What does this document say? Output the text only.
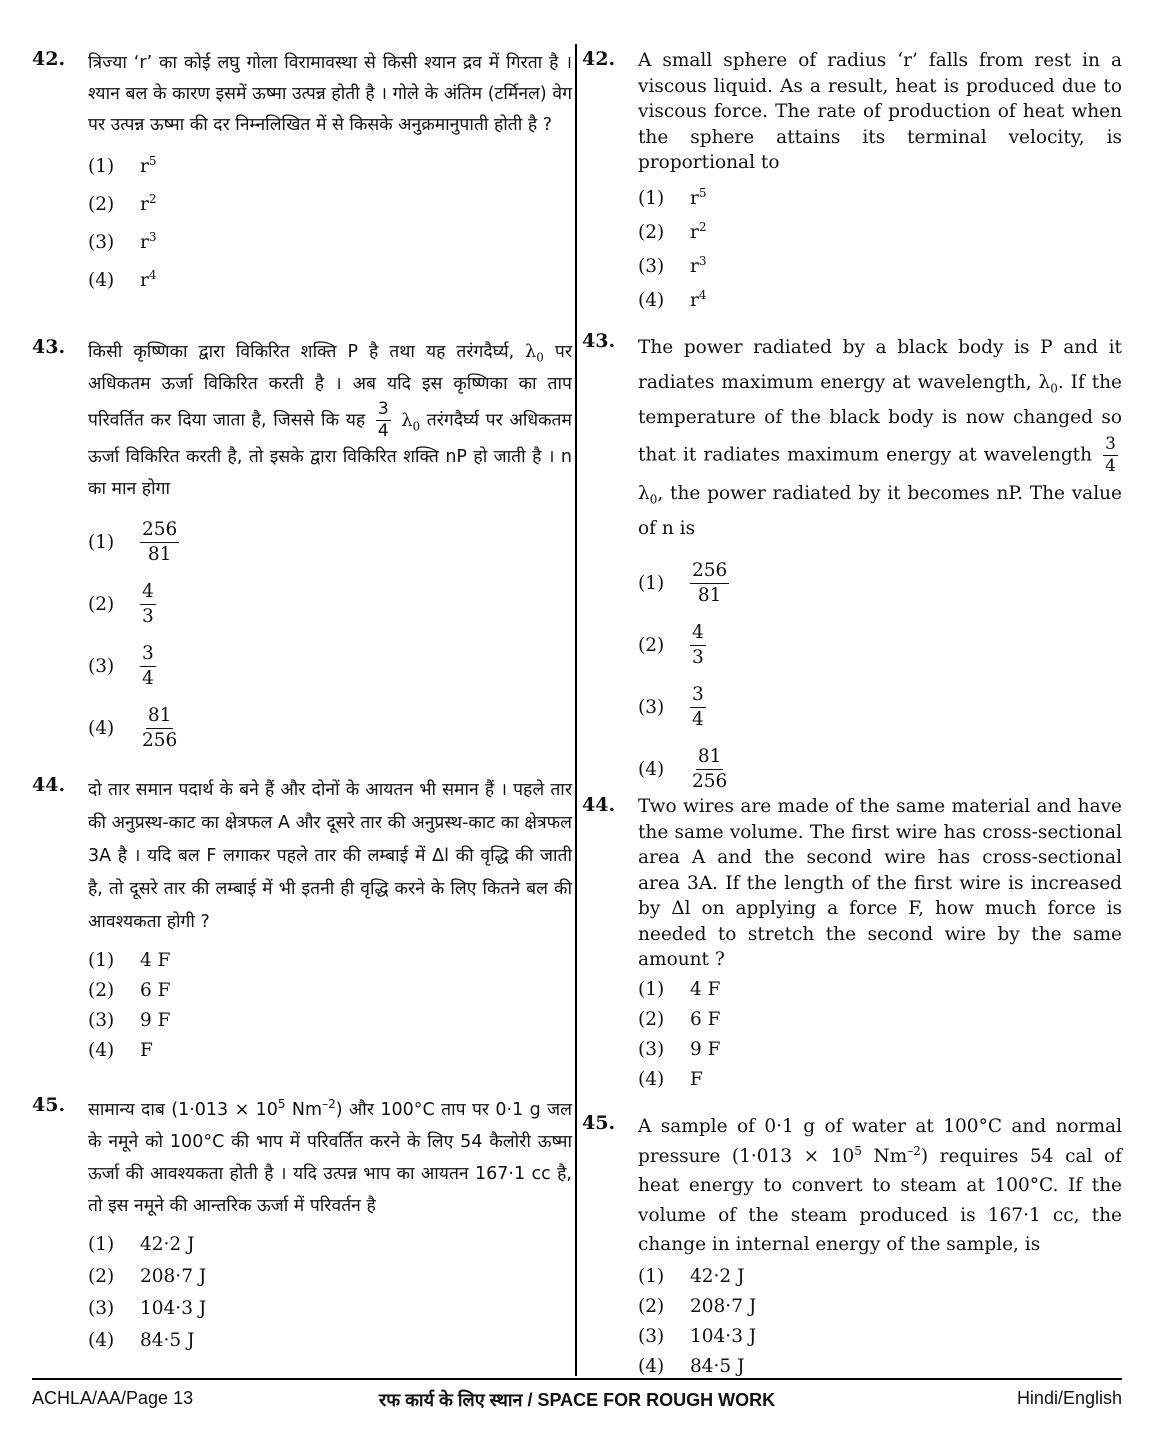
42. त्रिज्या ‘r’ का कोई लघु गोला विरामावस्था से किसी श्यान द्रव में गिरता है । श्यान बल के कारण इसमें ऊष्मा उत्पन्न होती है । गोले के अंतिम (टर्मिनल) वेग पर उत्पन्न ऊष्मा की दर निम्नलिखित में से किसके अनुक्रमानुपाती होती है ?
(1)	$r^5$
(2)	$r^2$
(3)	$r^3$
(4)	$r^4$
43. किसी कृष्णिका द्वारा विकिरित शक्ति P है तथा यह तरंगदैर्घ्य, $\lambda_0$ पर अधिकतम ऊर्जा विकिरित करती है । अब यदि इस कृष्णिका का ताप परिवर्तित कर दिया जाता है, जिससे कि यह $\frac{3}{4} \lambda_0$ तरंगदैर्घ्य पर अधिकतम ऊर्जा विकिरित करती है, तो इसके द्वारा विकिरित शक्ति nP हो जाती है । n का मान होगा
(1)	$\frac{256}{81}$
(2)	$\frac{4}{3}$
(3)	$\frac{3}{4}$
(4)	$\frac{81}{256}$
44. दो तार समान पदार्थ के बने हैं और दोनों के आयतन भी समान हैं । पहले तार की अनुप्रस्थ-काट का क्षेत्रफल A और दूसरे तार की अनुप्रस्थ-काट का क्षेत्रफल 3A है । यदि बल F लगाकर पहले तार की लम्बाई में Δl की वृद्धि की जाती है, तो दूसरे तार की लम्बाई में भी इतनी ही वृद्धि करने के लिए कितने बल की आवश्यकता होगी ?
(1)	4 F
(2)	6 F
(3)	9 F
(4)	F
45. सामान्य दाब ($1\cdot 013 \times 10^5$ $Nm^{-2}$) और 100°C ताप पर 0·1 g जल के नमूने को 100°C की भाप में परिवर्तित करने के लिए 54 कैलोरी ऊष्मा ऊर्जा की आवश्यकता होती है । यदि उत्पन्न भाप का आयतन 167·1 cc है, तो इस नमूने की आन्तरिक ऊर्जा में परिवर्तन है
(1)	42·2 J
(2)	208·7 J
(3)	104·3 J
(4)	84·5 J
42. A small sphere of radius ‘r’ falls from rest in a viscous liquid. As a result, heat is produced due to viscous force. The rate of production of heat when the sphere attains its terminal velocity, is proportional to
(1)	$r^5$
(2)	$r^2$
(3)	$r^3$
(4)	$r^4$
43. The power radiated by a black body is P and it radiates maximum energy at wavelength, $\lambda_0$. If the temperature of the black body is now changed so that it radiates maximum energy at wavelength $\frac{3}{4}$
$\lambda_0$, the power radiated by it becomes nP. The value of n is
(1)	$\frac{256}{81}$
(2)	$\frac{4}{3}$
(3)	$\frac{3}{4}$
(4)	$\frac{81}{256}$
44. Two wires are made of the same material and have the same volume. The first wire has cross-sectional area A and the second wire has cross-sectional area 3A. If the length of the first wire is increased by Δl on applying a force F, how much force is needed to stretch the second wire by the same amount ?
(1)	4 F
(2)	6 F
(3)	9 F
(4)	F
45. A sample of 0·1 g of water at 100°C and normal pressure ($1\cdot 013 \times 10^5$ $Nm^{-2}$) requires 54 cal of heat energy to convert to steam at 100°C. If the volume of the steam produced is 167·1 cc, the change in internal energy of the sample, is
(1)	42·2 J
(2)	208·7 J
(3)	104·3 J
(4)	84·5 J
ACHLA/AA/Page 13	रफ कार्य के लिए स्थान / SPACE FOR ROUGH WORK	Hindi/English
